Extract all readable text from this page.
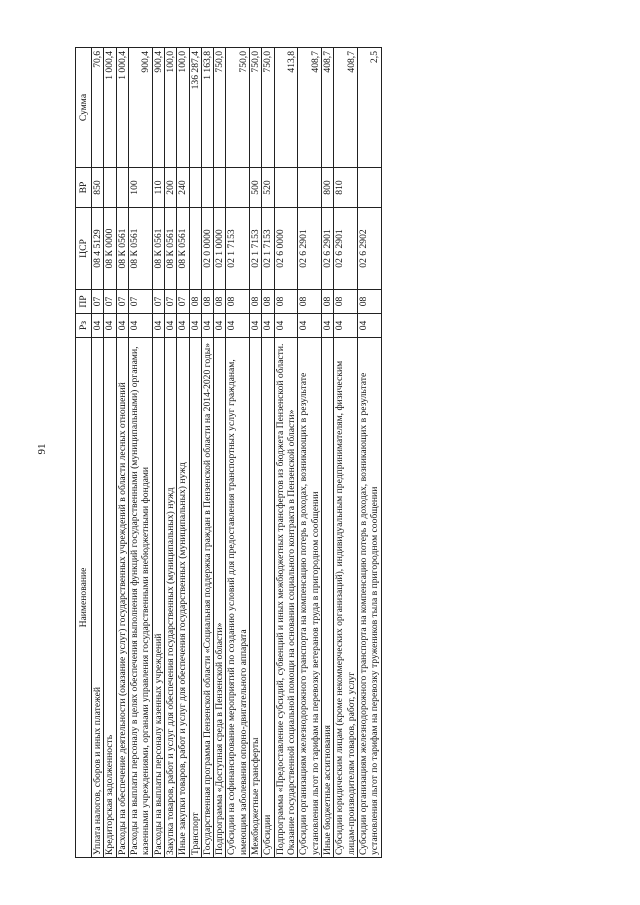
91
Наименование	Рз	ПР	ЦСР	ВР	Сумма
Уплата налогов, сборов и иных платежей	04	07	08 4 5129	850	70,6
Кредиторская задолженность	04	07	08 К 0000		1 000,4
Расходы на обеспечение деятельности (оказание услуг) государственных учреждений в области лесных отношений	04	07	08 К 0561		1 000,4
Расходы на выплаты персоналу в целях обеспечения выполнения функций государственными (муниципальными) органами, казенными учреждениями, органами управления государственными внебюджетными фондами	04	07	08 К 0561	100	900,4
Расходы на выплаты персоналу казенных учреждений	04	07	08 К 0561	110	900,4
Закупка товаров, работ и услуг для обеспечения государственных (муниципальных) нужд	04	07	08 К 0561	200	100,0
Иные закупки товаров, работ и услуг для обеспечения государственных (муниципальных) нужд	04	07	08 К 0561	240	100,0
Транспорт	04	08			136 287,4
Государственная программа Пензенской области «Социальная поддержка граждан в Пензенской области на 2014-2020 годы»	04	08	02 0 0000		1 163,8
Подпрограмма «Доступная среда в Пензенской области»	04	08	02 1 0000		750,0
Субсидии на софинансирование мероприятий по созданию условий для предоставления транспортных услуг гражданам, имеющим заболевания опорно-двигательного аппарата	04	08	02 1 7153		750,0
Межбюджетные трансферты	04	08	02 1 7153	500	750,0
Субсидии	04	08	02 1 7153	520	750,0
Подпрограмма «Предоставление субсидий, субвенций и иных межбюджетных трансфертов из бюджета Пензенской области. Оказание государственной социальной помощи на основании социального контракта в Пензенской области»	04	08	02 6 0000		413,8
Субсидии организациям железнодорожного транспорта на компенсацию потерь в доходах, возникающих в результате установления льгот по тарифам на перевозку ветеранов труда в пригородном сообщении	04	08	02 6 2901		408,7
Иные бюджетные ассигнования	04	08	02 6 2901	800	408,7
Субсидии юридическим лицам (кроме некоммерческих организаций), индивидуальным предпринимателям, физическим лицам-производителям товаров, работ, услуг	04	08	02 6 2901	810	408,7
Субсидии организациям железнодорожного транспорта на компенсацию потерь в доходах, возникающих в результате установления льгот по тарифам на перевозку тружеников тыла в пригородном сообщении	04	08	02 6 2902		2,5
